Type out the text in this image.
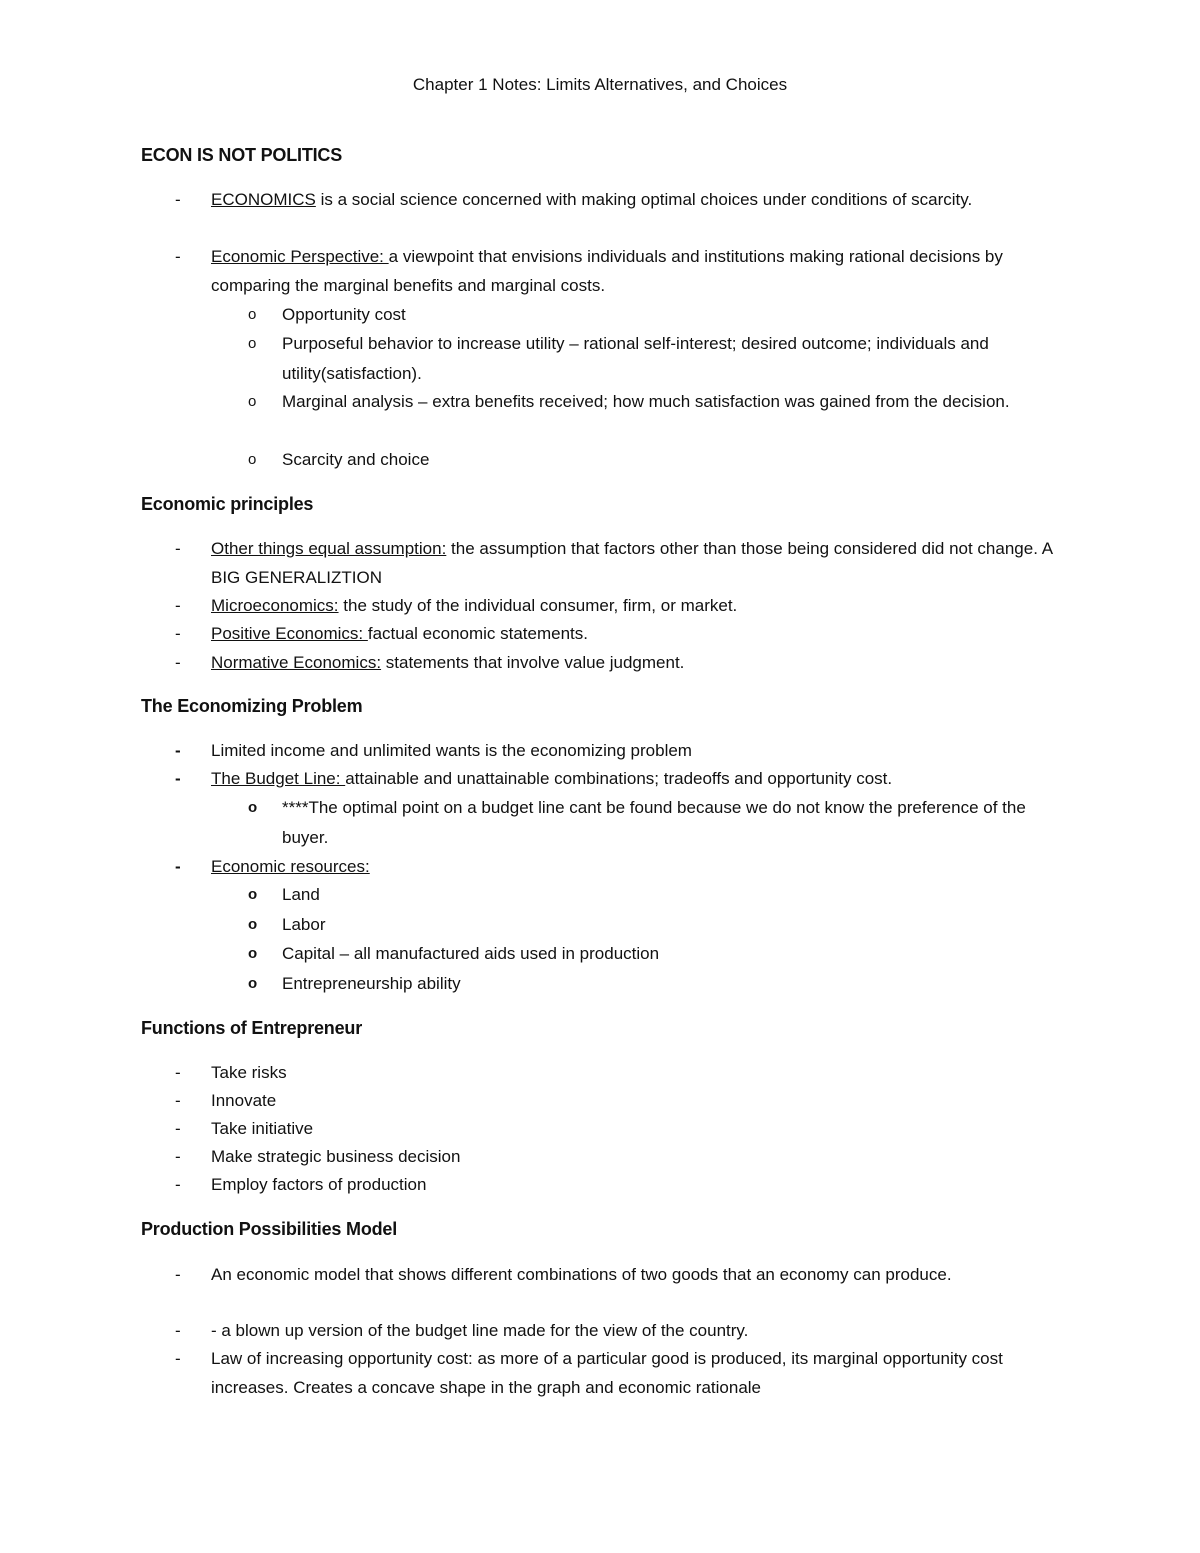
Chapter 1 Notes: Limits Alternatives, and Choices
ECON IS NOT POLITICS
-	ECONOMICS is a social science concerned with making optimal choices under conditions of scarcity.
-	Economic Perspective: a viewpoint that envisions individuals and institutions making rational decisions by comparing the marginal benefits and marginal costs.
o	Opportunity cost
o	Purposeful behavior to increase utility – rational self-interest; desired outcome; individuals and utility(satisfaction).
o	Marginal analysis – extra benefits received; how much satisfaction was gained from the decision.
o	Scarcity and choice
Economic principles
-	Other things equal assumption: the assumption that factors other than those being considered did not change. A BIG GENERALIZTION
-	Microeconomics: the study of the individual consumer, firm, or market.
-	Positive Economics: factual economic statements.
-	Normative Economics: statements that involve value judgment.
The Economizing Problem
-	Limited income and unlimited wants is the economizing problem
-	The Budget Line: attainable and unattainable combinations; tradeoffs and opportunity cost.
o	****The optimal point on a budget line cant be found because we do not know the preference of the buyer.
-	Economic resources:
o	Land
o	Labor
o	Capital – all manufactured aids used in production
o	Entrepreneurship ability
Functions of Entrepreneur
-	Take risks
-	Innovate
-	Take initiative
-	Make strategic business decision
-	Employ factors of production
Production Possibilities Model
-	An economic model that shows different combinations of two goods that an economy can produce.
-	- a blown up version of the budget line made for the view of the country.
-	Law of increasing opportunity cost: as more of a particular good is produced, its marginal opportunity cost increases. Creates a concave shape in the graph and economic rationale
